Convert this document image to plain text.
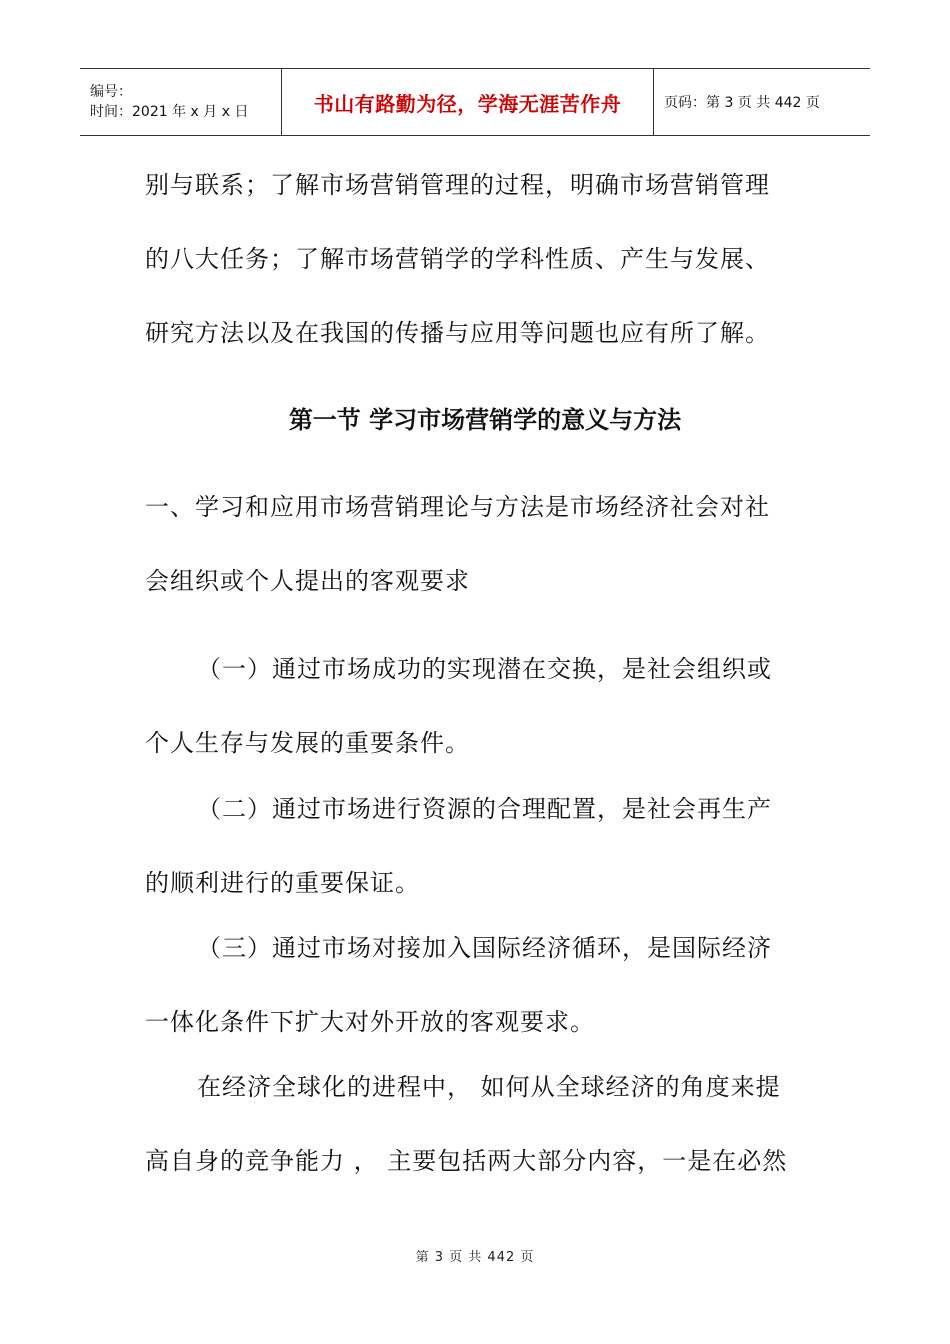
编号：
时间：2021 年 x 月 x 日	书山有路勤为径，学海无涯苦作舟	页码：第 3 页 共 442 页
别与联系；了解市场营销管理的过程，明确市场营销管理
的八大任务；了解市场营销学的学科性质、产生与发展、
研究方法以及在我国的传播与应用等问题也应有所了解。
第一节 学习市场营销学的意义与方法
一、学习和应用市场营销理论与方法是市场经济社会对社
会组织或个人提出的客观要求
（一）通过市场成功的实现潜在交换，是社会组织或
个人生存与发展的重要条件。
（二）通过市场进行资源的合理配置，是社会再生产
的顺利进行的重要保证。
（三）通过市场对接加入国际经济循环，是国际经济
一体化条件下扩大对外开放的客观要求。
在经济全球化的进程中， 如何从全球经济的角度来提
高自身的竞争能力 ， 主要包括两大部分内容，一是在必然
第 3 页 共 442 页
